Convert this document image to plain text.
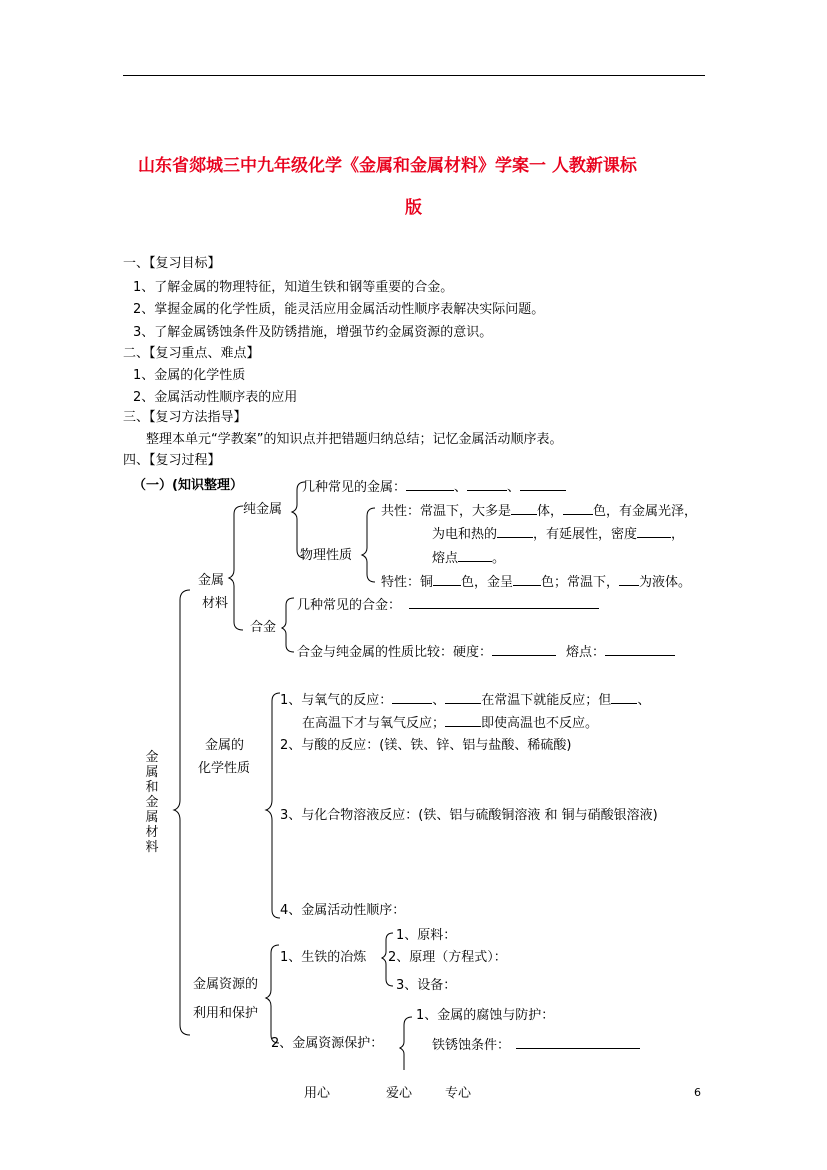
山东省郯城三中九年级化学《金属和金属材料》学案一 人教新课标
版
一、【复习目标】
1、了解金属的物理特征，知道生铁和钢等重要的合金。
2、掌握金属的化学性质，能灵活应用金属活动性顺序表解决实际问题。
3、了解金属锈蚀条件及防锈措施，增强节约金属资源的意识。
二、【复习重点、难点】
1、金属的化学性质
2、金属活动性顺序表的应用
三、【复习方法指导】
整理本单元“学教案”的知识点并把错题归纳总结；记忆金属活动顺序表。
四、【复习过程】
（一）(知识整理）
金属和金属材料
金属
材料
纯金属
几种常见的金属：	、	、
物理性质
共性：常温下，大多是 体， 色，有金属光泽，
为电和热的	，有延展性，密度	，
熔点	。
特性：铜 色，金呈 色；常温下， 为液体。
合金
几种常见的合金：
合金与纯金属的性质比较：硬度：	熔点：
金属的
化学性质
1、与氧气的反应：	、	在常温下就能反应；但 、
在高温下才与氧气反应；	即使高温也不反应。
2、与酸的反应：(镁、铁、锌、铝与盐酸、稀硫酸)
3、与化合物溶液反应：(铁、铝与硫酸铜溶液 和 铜与硝酸银溶液)
4、金属活动性顺序：
金属资源的
利用和保护
1、生铁的冶炼
1、原料：
2、原理（方程式）：
3、设备：
2、金属资源保护：
1、金属的腐蚀与防护：
铁锈蚀条件：
用心	爱心	专心	6
